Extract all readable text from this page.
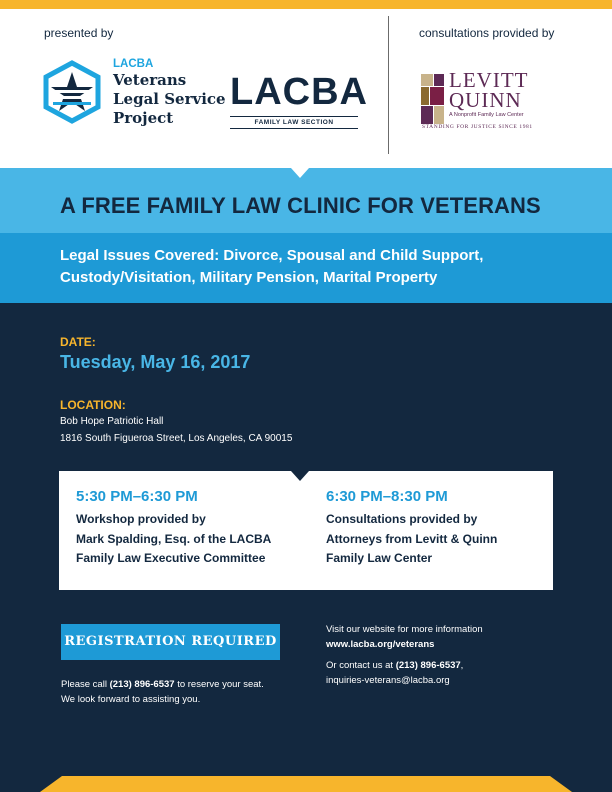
presented by	consultations provided by
LACBA
Veterans
Legal Service
Project
LACBA
FAMILY LAW SECTION
LEVITT
QUINN
A Nonprofit Family Law Center
STANDING FOR JUSTICE SINCE 1981
A FREE FAMILY LAW CLINIC FOR VETERANS

Legal Issues Covered: Divorce, Spousal and Child Support,
Custody/Visitation, Military Pension, Marital Property

DATE:
Tuesday, May 16, 2017
LOCATION:
Bob Hope Patriotic Hall
1816 South Figueroa Street, Los Angeles, CA 90015
5:30 PM–6:30 PM
Workshop provided by
Mark Spalding, Esq. of the LACBA
Family Law Executive Committee
6:30 PM–8:30 PM
Consultations provided by
Attorneys from Levitt & Quinn
Family Law Center
REGISTRATION REQUIRED
Please call (213) 896-6537 to reserve your seat.
We look forward to assisting you.
Visit our website for more information
www.lacba.org/veterans
Or contact us at (213) 896-6537,
inquiries-veterans@lacba.org
